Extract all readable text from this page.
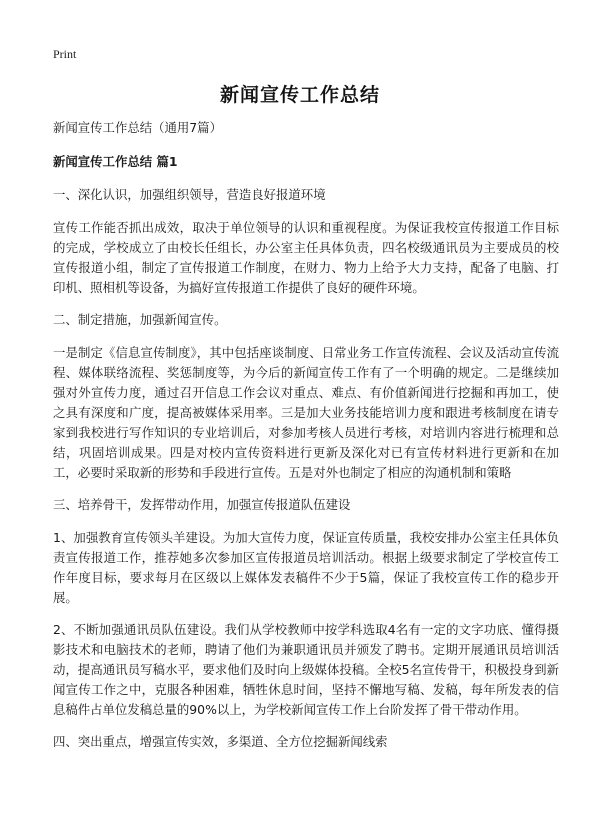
Print
新闻宣传工作总结

新闻宣传工作总结（通用7篇）

新闻宣传工作总结 篇1

一、深化认识，加强组织领导，营造良好报道环境

宣传工作能否抓出成效，取决于单位领导的认识和重视程度。为保证我校宣传报道工作目标的完成，学校成立了由校长任组长，办公室主任具体负责，四名校级通讯员为主要成员的校宣传报道小组，制定了宣传报道工作制度，在财力、物力上给予大力支持，配备了电脑、打印机、照相机等设备，为搞好宣传报道工作提供了良好的硬件环境。

二、制定措施，加强新闻宣传。

一是制定《信息宣传制度》，其中包括座谈制度、日常业务工作宣传流程、会议及活动宣传流程、媒体联络流程、奖惩制度等，为今后的新闻宣传工作有了一个明确的规定。二是继续加强对外宣传力度，通过召开信息工作会议对重点、难点、有价值新闻进行挖掘和再加工，使之具有深度和广度，提高被媒体采用率。三是加大业务技能培训力度和跟进考核制度在请专家到我校进行写作知识的专业培训后，对参加考核人员进行考核，对培训内容进行梳理和总结，巩固培训成果。四是对校内宣传资料进行更新及深化对已有宣传材料进行更新和在加工，必要时采取新的形势和手段进行宣传。五是对外也制定了相应的沟通机制和策略

三、培养骨干，发挥带动作用，加强宣传报道队伍建设

1、加强教育宣传领头羊建设。为加大宣传力度，保证宣传质量，我校安排办公室主任具体负责宣传报道工作，推荐她多次参加区宣传报道员培训活动。根据上级要求制定了学校宣传工作年度目标，要求每月在区级以上媒体发表稿件不少于5篇，保证了我校宣传工作的稳步开展。

2、不断加强通讯员队伍建设。我们从学校教师中按学科选取4名有一定的文字功底、懂得摄影技术和电脑技术的老师，聘请了他们为兼职通讯员并颁发了聘书。定期开展通讯员培训活动，提高通讯员写稿水平，要求他们及时向上级媒体投稿。全校5名宣传骨干，积极投身到新闻宣传工作之中，克服各种困难，牺牲休息时间，坚持不懈地写稿、发稿，每年所发表的信息稿件占单位发稿总量的90%以上，为学校新闻宣传工作上台阶发挥了骨干带动作用。

四、突出重点，增强宣传实效，多渠道、全方位挖掘新闻线索
